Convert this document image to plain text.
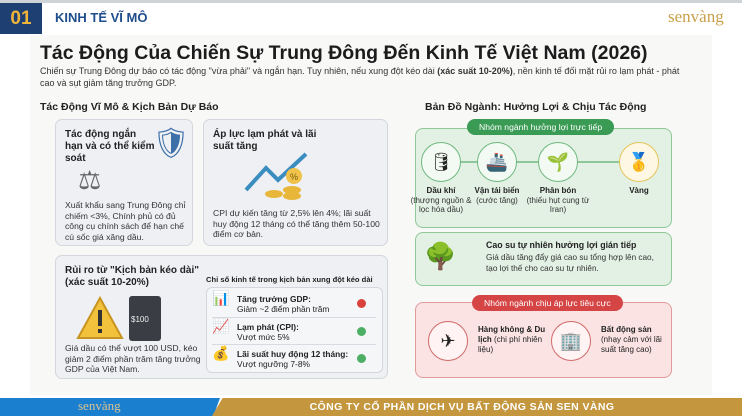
01	KINH TẾ VĨ MÔ	senvàng
Tác Động Của Chiến Sự Trung Đông Đến Kinh Tế Việt Nam (2026)
Chiến sự Trung Đông dự báo có tác động "vừa phải" và ngắn hạn. Tuy nhiên, nếu xung đột kéo dài (xác suất 10-20%), nền kinh tế đối mặt rủi ro lạm phát - phát cao và sụt giảm tăng trưởng GDP.
Tác Động Vĩ Mô & Kịch Bản Dự Báo	Bản Đồ Ngành: Hưởng Lợi & Chịu Tác Động
Tác động ngắn hạn và có thể kiểm soát	🛡
⚖
Xuất khẩu sang Trung Đông chỉ chiếm <3%, Chính phủ có đủ công cụ chính sách để hạn chế cú sốc giá xăng dầu.
Áp lực lạm phát và lãi suất tăng
%
CPI dự kiến tăng từ 2,5% lên 4%; lãi suất huy động 12 tháng có thể tăng thêm 50-100 điểm cơ bản.
Rủi ro từ "Kịch bản kéo dài" (xác suất 10-20%)
$100
Giá dầu có thể vượt 100 USD, kéo giảm 2 điểm phần trăm tăng trưởng GDP của Việt Nam.
Chỉ số kinh tế trong kịch bản xung đột kéo dài
📊 Tăng trưởng GDP:
Giảm ~2 điểm phần trăm
📈 Lạm phát (CPI):
Vượt mức 5%
💰 Lãi suất huy động 12 tháng:
Vượt ngưỡng 7-8%
🛢	🚢	🌱	🥇
Dầu khí
(thượng nguồn & lọc hóa dầu)
Vận tải biển
(cước tăng)
Phân bón
(thiếu hụt cung từ Iran)
Vàng
Nhóm ngành hưởng lợi trực tiếp
🌳	Cao su tự nhiên hưởng lợi gián tiếp
Giá dầu tăng đẩy giá cao su tổng hợp lên cao, tạo lợi thế cho cao su tự nhiên.
✈
Hàng không & Du lịch (chi phí nhiên liệu)	🏢
Bất động sản
(nhạy cảm với lãi suất tăng cao)
Nhóm ngành chịu áp lực tiêu cực
senvàng	CÔNG TY CỔ PHẦN DỊCH VỤ BẤT ĐỘNG SẢN SEN VÀNG
